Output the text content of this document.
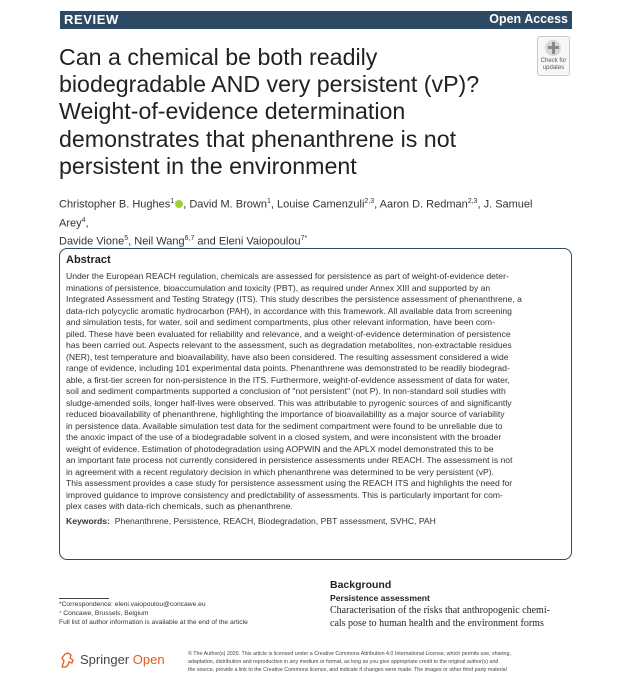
REVIEW	Open Access
Can a chemical be both readily biodegradable AND very persistent (vP)? Weight-of-evidence determination demonstrates that phenanthrene is not persistent in the environment
Check for updates
Christopher B. Hughes$^1$ , David M. Brown$^1$, Louise Camenzuli$^{2,3}$, Aaron D. Redman$^{2,3}$, J. Samuel Arey$^4$,
Davide Vione$^5$, Neil Wang$^{6,7}$ and Eleni Vaiopoulou$^{7*}$
Abstract

Under the European REACH regulation, chemicals are assessed for persistence as part of weight-of-evidence deter-
minations of persistence, bioaccumulation and toxicity (PBT), as required under Annex XIII and supported by an
Integrated Assessment and Testing Strategy (ITS). This study describes the persistence assessment of phenanthrene, a
data-rich polycyclic aromatic hydrocarbon (PAH), in accordance with this framework. All available data from screening
and simulation tests, for water, soil and sediment compartments, plus other relevant information, have been com-
piled. These have been evaluated for reliability and relevance, and a weight-of-evidence determination of persistence
has been carried out. Aspects relevant to the assessment, such as degradation metabolites, non-extractable residues
(NER), test temperature and bioavailability, have also been considered. The resulting assessment considered a wide
range of evidence, including 101 experimental data points. Phenanthrene was demonstrated to be readily biodegrad-
able, a first-tier screen for non-persistence in the ITS. Furthermore, weight-of-evidence assessment of data for water,
soil and sediment compartments supported a conclusion of "not persistent" (not P). In non-standard soil studies with
sludge-amended soils, longer half-lives were observed. This was attributable to pyrogenic sources of and significantly
reduced bioavailability of phenanthrene, highlighting the importance of bioavailability as a major source of variability
in persistence data. Available simulation test data for the sediment compartment were found to be unreliable due to
the anoxic impact of the use of a biodegradable solvent in a closed system, and were inconsistent with the broader
weight of evidence. Estimation of photodegradation using AOPWIN and the APLX model demonstrated this to be
an important fate process not currently considered in persistence assessments under REACH. The assessment is not
in agreement with a recent regulatory decision in which phenanthrene was determined to be very persistent (vP).
This assessment provides a case study for persistence assessment using the REACH ITS and highlights the need for
improved guidance to improve consistency and predictability of assessments. This is particularly important for com-
plex cases with data-rich chemicals, such as phenanthrene.

Keywords: Phenanthrene, Persistence, REACH, Biodegradation, PBT assessment, SVHC, PAH
Background
Persistence assessment
Characterisation of the risks that anthropogenic chemi-
cals pose to human health and the environment forms
*Correspondence: eleni.vaiopoulou@concawe.eu
⁷ Concawe, Brussels, Belgium
Full list of author information is available at the end of the article
Springer Open	© The Author(s) 2020. This article is licensed under a Creative Commons Attribution 4.0 International License, which permits use, sharing,
adaptation, distribution and reproduction in any medium or format, as long as you give appropriate credit to the original author(s) and
the source, provide a link to the Creative Commons licence, and indicate if changes were made. The images or other third party material
